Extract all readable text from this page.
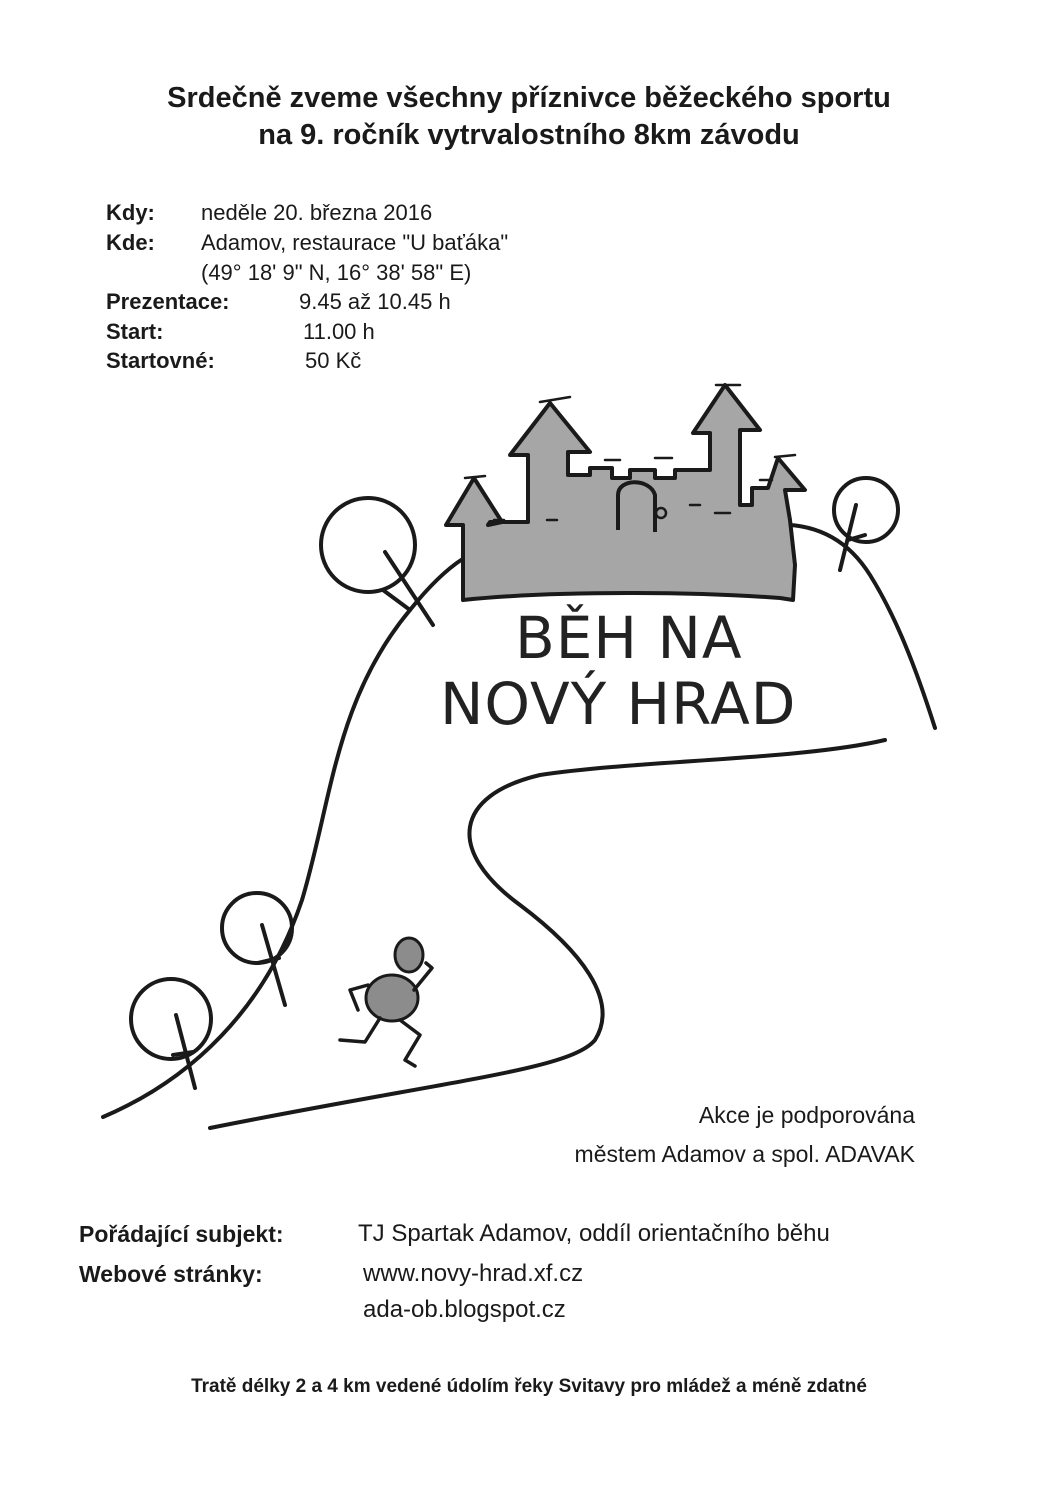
Srdečně zveme všechny příznivce běžeckého sportu
na 9. ročník vytrvalostního 8km závodu
Kdy: neděle 20. března 2016
Kde: Adamov, restaurace "U baťáka"
(49° 18' 9" N, 16° 38' 58" E)
Prezentace:	9.45 až 10.45 h
Start:	11.00 h
Startovné:	50 Kč
BĚH NA
NOVÝ HRAD
Akce je podporována
městem Adamov a spol. ADAVAK
Pořádající subjekt:	TJ Spartak Adamov, oddíl orientačního běhu
Webové stránky:	www.novy-hrad.xf.cz
ada-ob.blogspot.cz
Tratě délky 2 a 4 km vedené údolím řeky Svitavy pro mládež a méně zdatné
